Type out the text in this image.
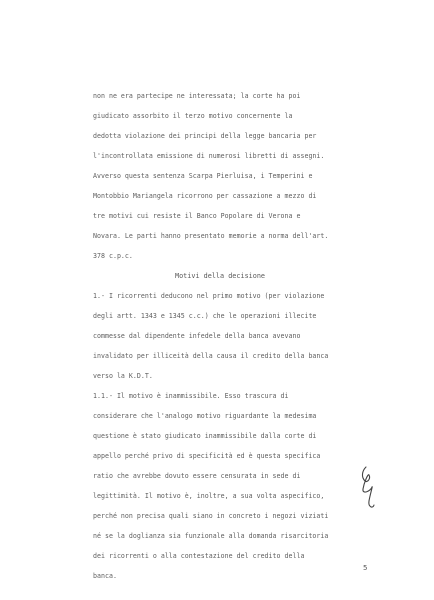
non ne era partecipe ne interessata; la corte ha poi
giudicato assorbito il terzo motivo concernente la
dedotta violazione dei principi della legge bancaria per
l'incontrollata emissione di numerosi libretti di assegni.
Avverso questa sentenza Scarpa Pierluisa, i Temperini e
Montobbio Mariangela ricorrono per cassazione a mezzo di
tre motivi cui resiste il Banco Popolare di Verona e
Novara. Le parti hanno presentato memorie a norma dell'art.
378 c.p.c.
Motivi della decisione
1.- I ricorrenti deducono nel primo motivo (per violazione
degli artt. 1343 e 1345 c.c.) che le operazioni illecite
commesse dal dipendente infedele della banca avevano
invalidato per illiceità della causa il credito della banca
verso la K.D.T.
1.1.- Il motivo è inammissibile. Esso trascura di
considerare che l'analogo motivo riguardante la medesima
questione è stato giudicato inammissibile dalla corte di
appello perché privo di specificità ed è questa specifica
ratio che avrebbe dovuto essere censurata in sede di
legittimità. Il motivo è, inoltre, a sua volta aspecifico,
perché non precisa quali siano in concreto i negozi viziati
né se la doglianza sia funzionale alla domanda risarcitoria
dei ricorrenti o alla contestazione del credito della
banca.
5
